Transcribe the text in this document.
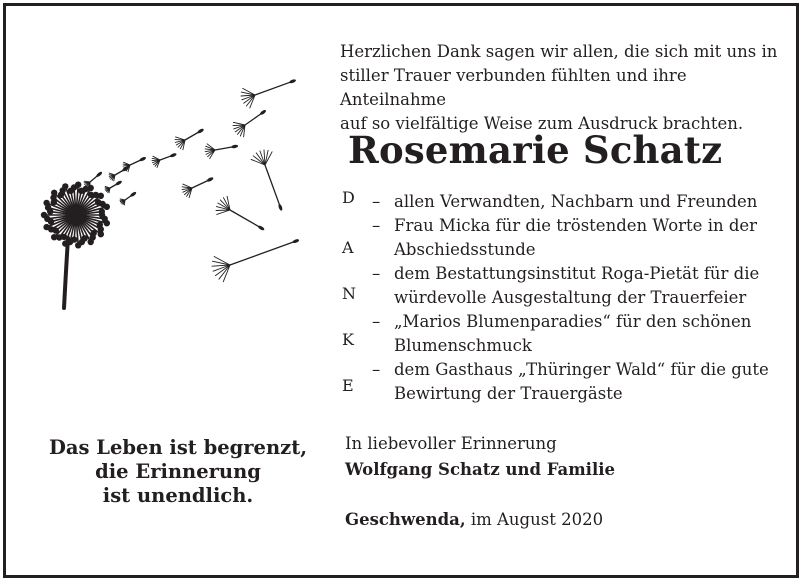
Herzlichen Dank sagen wir allen, die sich mit uns in
stiller Trauer verbunden fühlten und ihre Anteilnahme
auf so vielfältige Weise zum Ausdruck brachten.
Rosemarie Schatz
D
A
N
K
E
– allen Verwandten, Nachbarn und Freunden
– Frau Micka für die tröstenden Worte in der
Abschiedsstunde
– dem Bestattungsinstitut Roga-Pietät für die
würdevolle Ausgestaltung der Trauerfeier
– „Marios Blumenparadies“ für den schönen
Blumenschmuck
– dem Gasthaus „Thüringer Wald“ für die gute
Bewirtung der Trauergäste
Das Leben ist begrenzt,
die Erinnerung
ist unendlich.
In liebevoller Erinnerung
Wolfgang Schatz und Familie
Geschwenda, im August 2020
